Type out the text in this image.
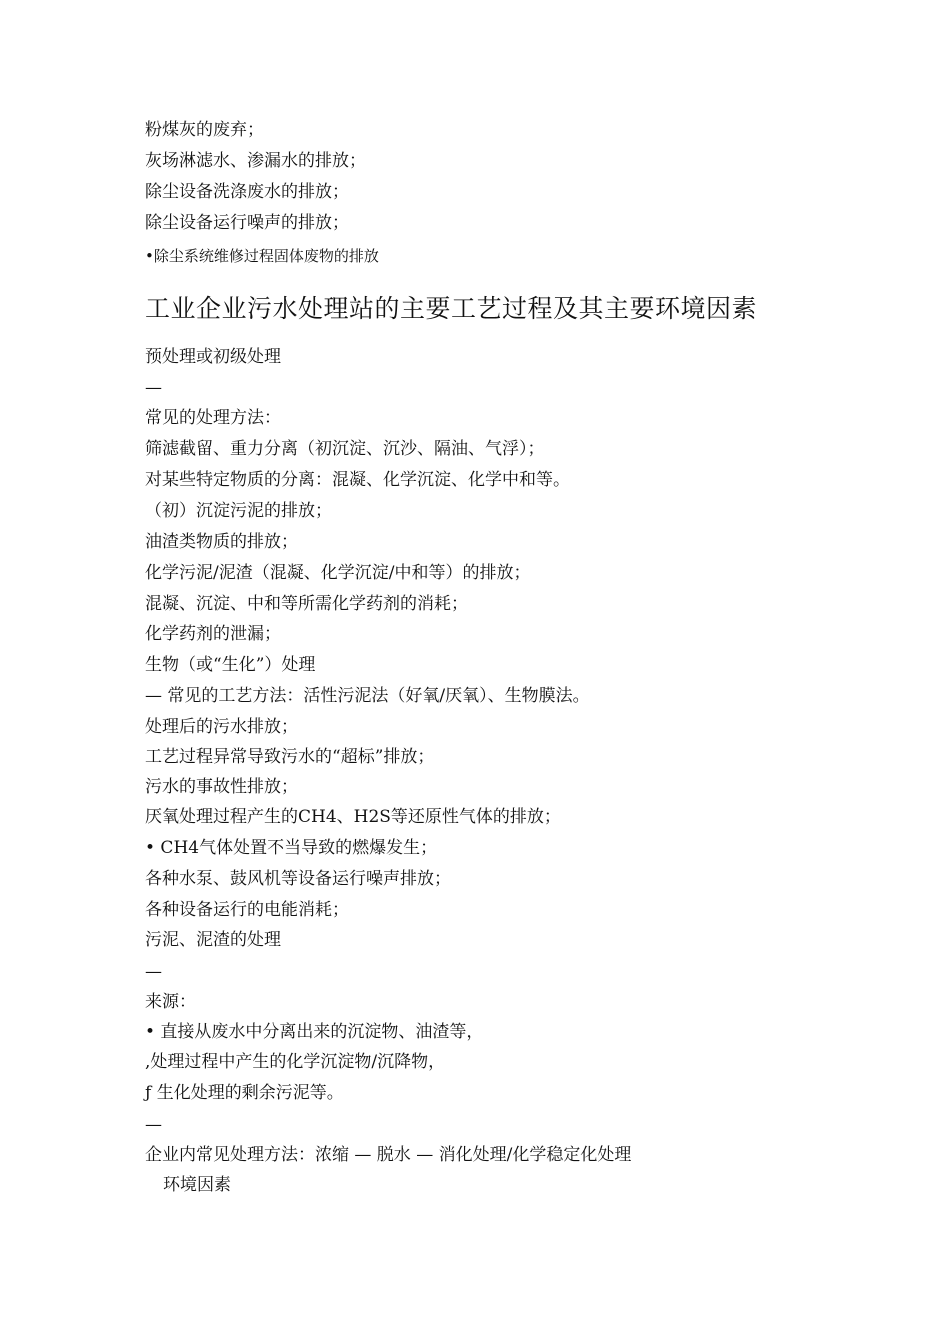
粉煤灰的废弃；
灰场淋滤水、渗漏水的排放；
除尘设备洗涤废水的排放；
除尘设备运行噪声的排放；
•除尘系统维修过程固体废物的排放
工业企业污水处理站的主要工艺过程及其主要环境因素
预处理或初级处理
—
常见的处理方法：
筛滤截留、重力分离（初沉淀、沉沙、隔油、气浮）；
对某些特定物质的分离：混凝、化学沉淀、化学中和等。
（初）沉淀污泥的排放；
油渣类物质的排放；
化学污泥/泥渣（混凝、化学沉淀/中和等）的排放；
混凝、沉淀、中和等所需化学药剂的消耗；
化学药剂的泄漏；
生物（或“生化”）处理
— 常见的工艺方法：活性污泥法（好氧/厌氧）、生物膜法。
处理后的污水排放；
工艺过程异常导致污水的“超标”排放；
污水的事故性排放；
厌氧处理过程产生的CH4、H2S等还原性气体的排放；
• CH4气体处置不当导致的燃爆发生；
各种水泵、鼓风机等设备运行噪声排放；
各种设备运行的电能消耗；
污泥、泥渣的处理
—
来源：
• 直接从废水中分离出来的沉淀物、油渣等，
,处理过程中产生的化学沉淀物/沉降物，
ƒ 生化处理的剩余污泥等。
—
企业内常见处理方法：浓缩 — 脱水 — 消化处理/化学稳定化处理
环境因素
